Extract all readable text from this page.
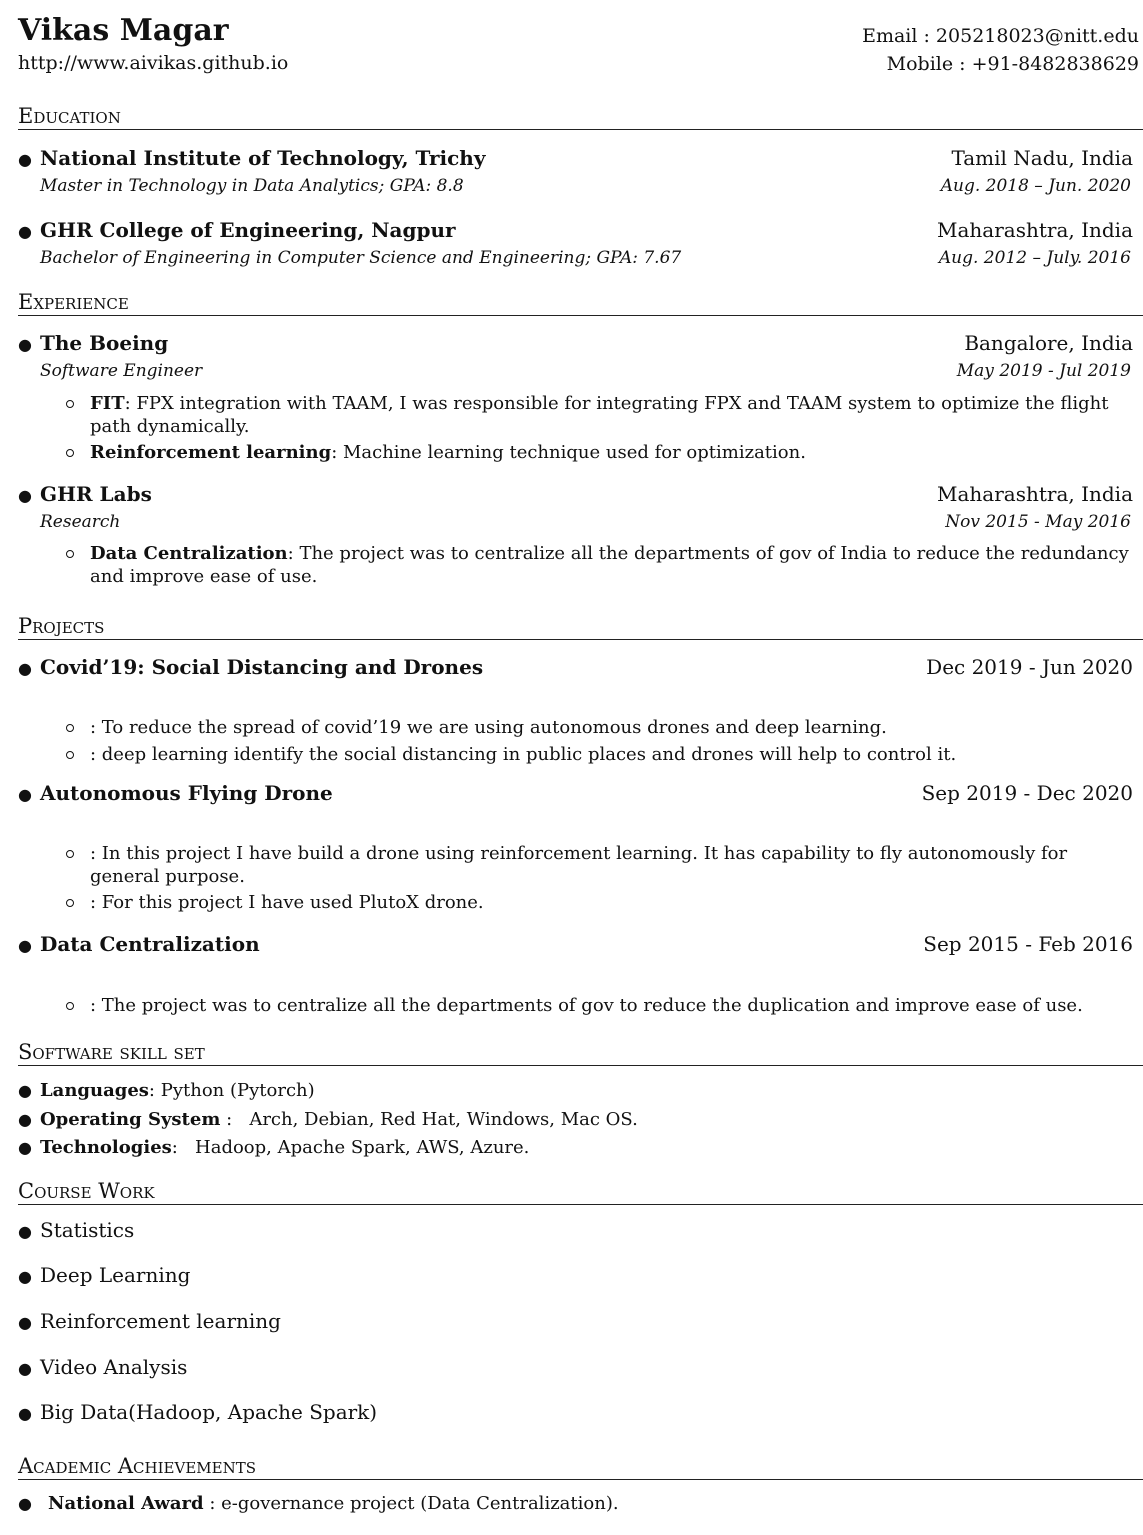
Vikas Magar
http://www.aivikas.github.io
Email : 205218023@nitt.edu
Mobile : +91-8482838629
Education
● National Institute of Technology, Trichy	Tamil Nadu, India
Master in Technology in Data Analytics; GPA: 8.8	Aug. 2018 – Jun. 2020
● GHR College of Engineering, Nagpur	Maharashtra, India
Bachelor of Engineering in Computer Science and Engineering; GPA: 7.67	Aug. 2012 – July. 2016
Experience
● The Boeing	Bangalore, India
Software Engineer	May 2019 - Jul 2019
FIT: FPX integration with TAAM, I was responsible for integrating FPX and TAAM system to optimize the flight path dynamically.
Reinforcement learning: Machine learning technique used for optimization.
● GHR Labs	Maharashtra, India
Research	Nov 2015 - May 2016
Data Centralization: The project was to centralize all the departments of gov of India to reduce the redundancy and improve ease of use.
Projects
● Covid’19: Social Distancing and Drones	Dec 2019 - Jun 2020
: To reduce the spread of covid’19 we are using autonomous drones and deep learning.
: deep learning identify the social distancing in public places and drones will help to control it.
● Autonomous Flying Drone	Sep 2019 - Dec 2020
: In this project I have build a drone using reinforcement learning. It has capability to fly autonomously for general purpose.
: For this project I have used PlutoX drone.
● Data Centralization	Sep 2015 - Feb 2016
: The project was to centralize all the departments of gov to reduce the duplication and improve ease of use.
Software skill set
● Languages : Python (Pytorch)
● Operating System :   Arch, Debian, Red Hat, Windows, Mac OS.
● Technologies :   Hadoop, Apache Spark, AWS, Azure.
Course Work
● Statistics
● Deep Learning
● Reinforcement learning
● Video Analysis
● Big Data(Hadoop, Apache Spark)
Academic Achievements
● National Award : e-governance project (Data Centralization).
